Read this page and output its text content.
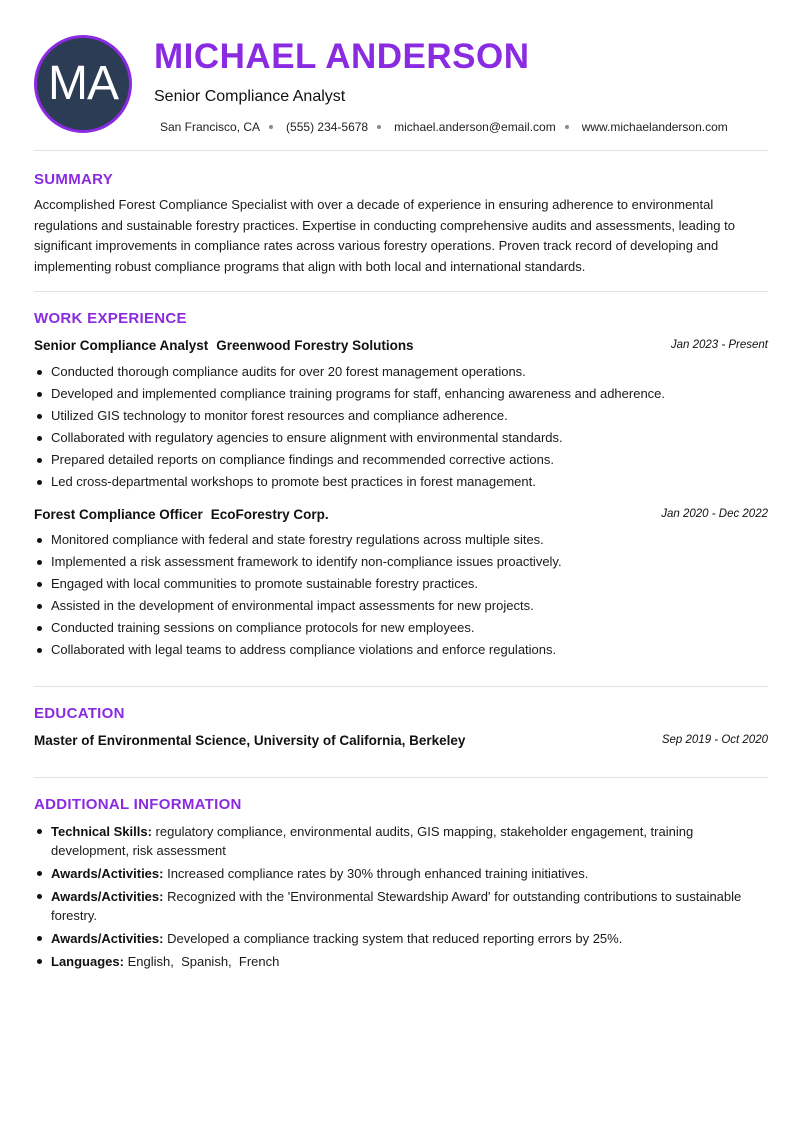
MA
MICHAEL ANDERSON
Senior Compliance Analyst
San Francisco, CA (555) 234-5678 michael.anderson@email.com www.michaelanderson.com
SUMMARY

Accomplished Forest Compliance Specialist with over a decade of experience in ensuring adherence to environmental regulations and sustainable forestry practices. Expertise in conducting comprehensive audits and assessments, leading to significant improvements in compliance rates across various forestry operations. Proven track record of developing and implementing robust compliance programs that align with both local and international standards.

WORK EXPERIENCE
Senior Compliance Analyst Greenwood Forestry Solutions	Jan 2023 - Present
Conducted thorough compliance audits for over 20 forest management operations.
Developed and implemented compliance training programs for staff, enhancing awareness and adherence.
Utilized GIS technology to monitor forest resources and compliance adherence.
Collaborated with regulatory agencies to ensure alignment with environmental standards.
Prepared detailed reports on compliance findings and recommended corrective actions.
Led cross-departmental workshops to promote best practices in forest management.
Forest Compliance Officer EcoForestry Corp.	Jan 2020 - Dec 2022
Monitored compliance with federal and state forestry regulations across multiple sites.
Implemented a risk assessment framework to identify non-compliance issues proactively.
Engaged with local communities to promote sustainable forestry practices.
Assisted in the development of environmental impact assessments for new projects.
Conducted training sessions on compliance protocols for new employees.
Collaborated with legal teams to address compliance violations and enforce regulations.
EDUCATION
Master of Environmental Science, University of California, Berkeley	Sep 2019 - Oct 2020
ADDITIONAL INFORMATION
Technical Skills: regulatory compliance, environmental audits, GIS mapping, stakeholder engagement, training development, risk assessment
Awards/Activities: Increased compliance rates by 30% through enhanced training initiatives.
Awards/Activities: Recognized with the 'Environmental Stewardship Award' for outstanding contributions to sustainable forestry.
Awards/Activities: Developed a compliance tracking system that reduced reporting errors by 25%.
Languages: English,  Spanish,  French
